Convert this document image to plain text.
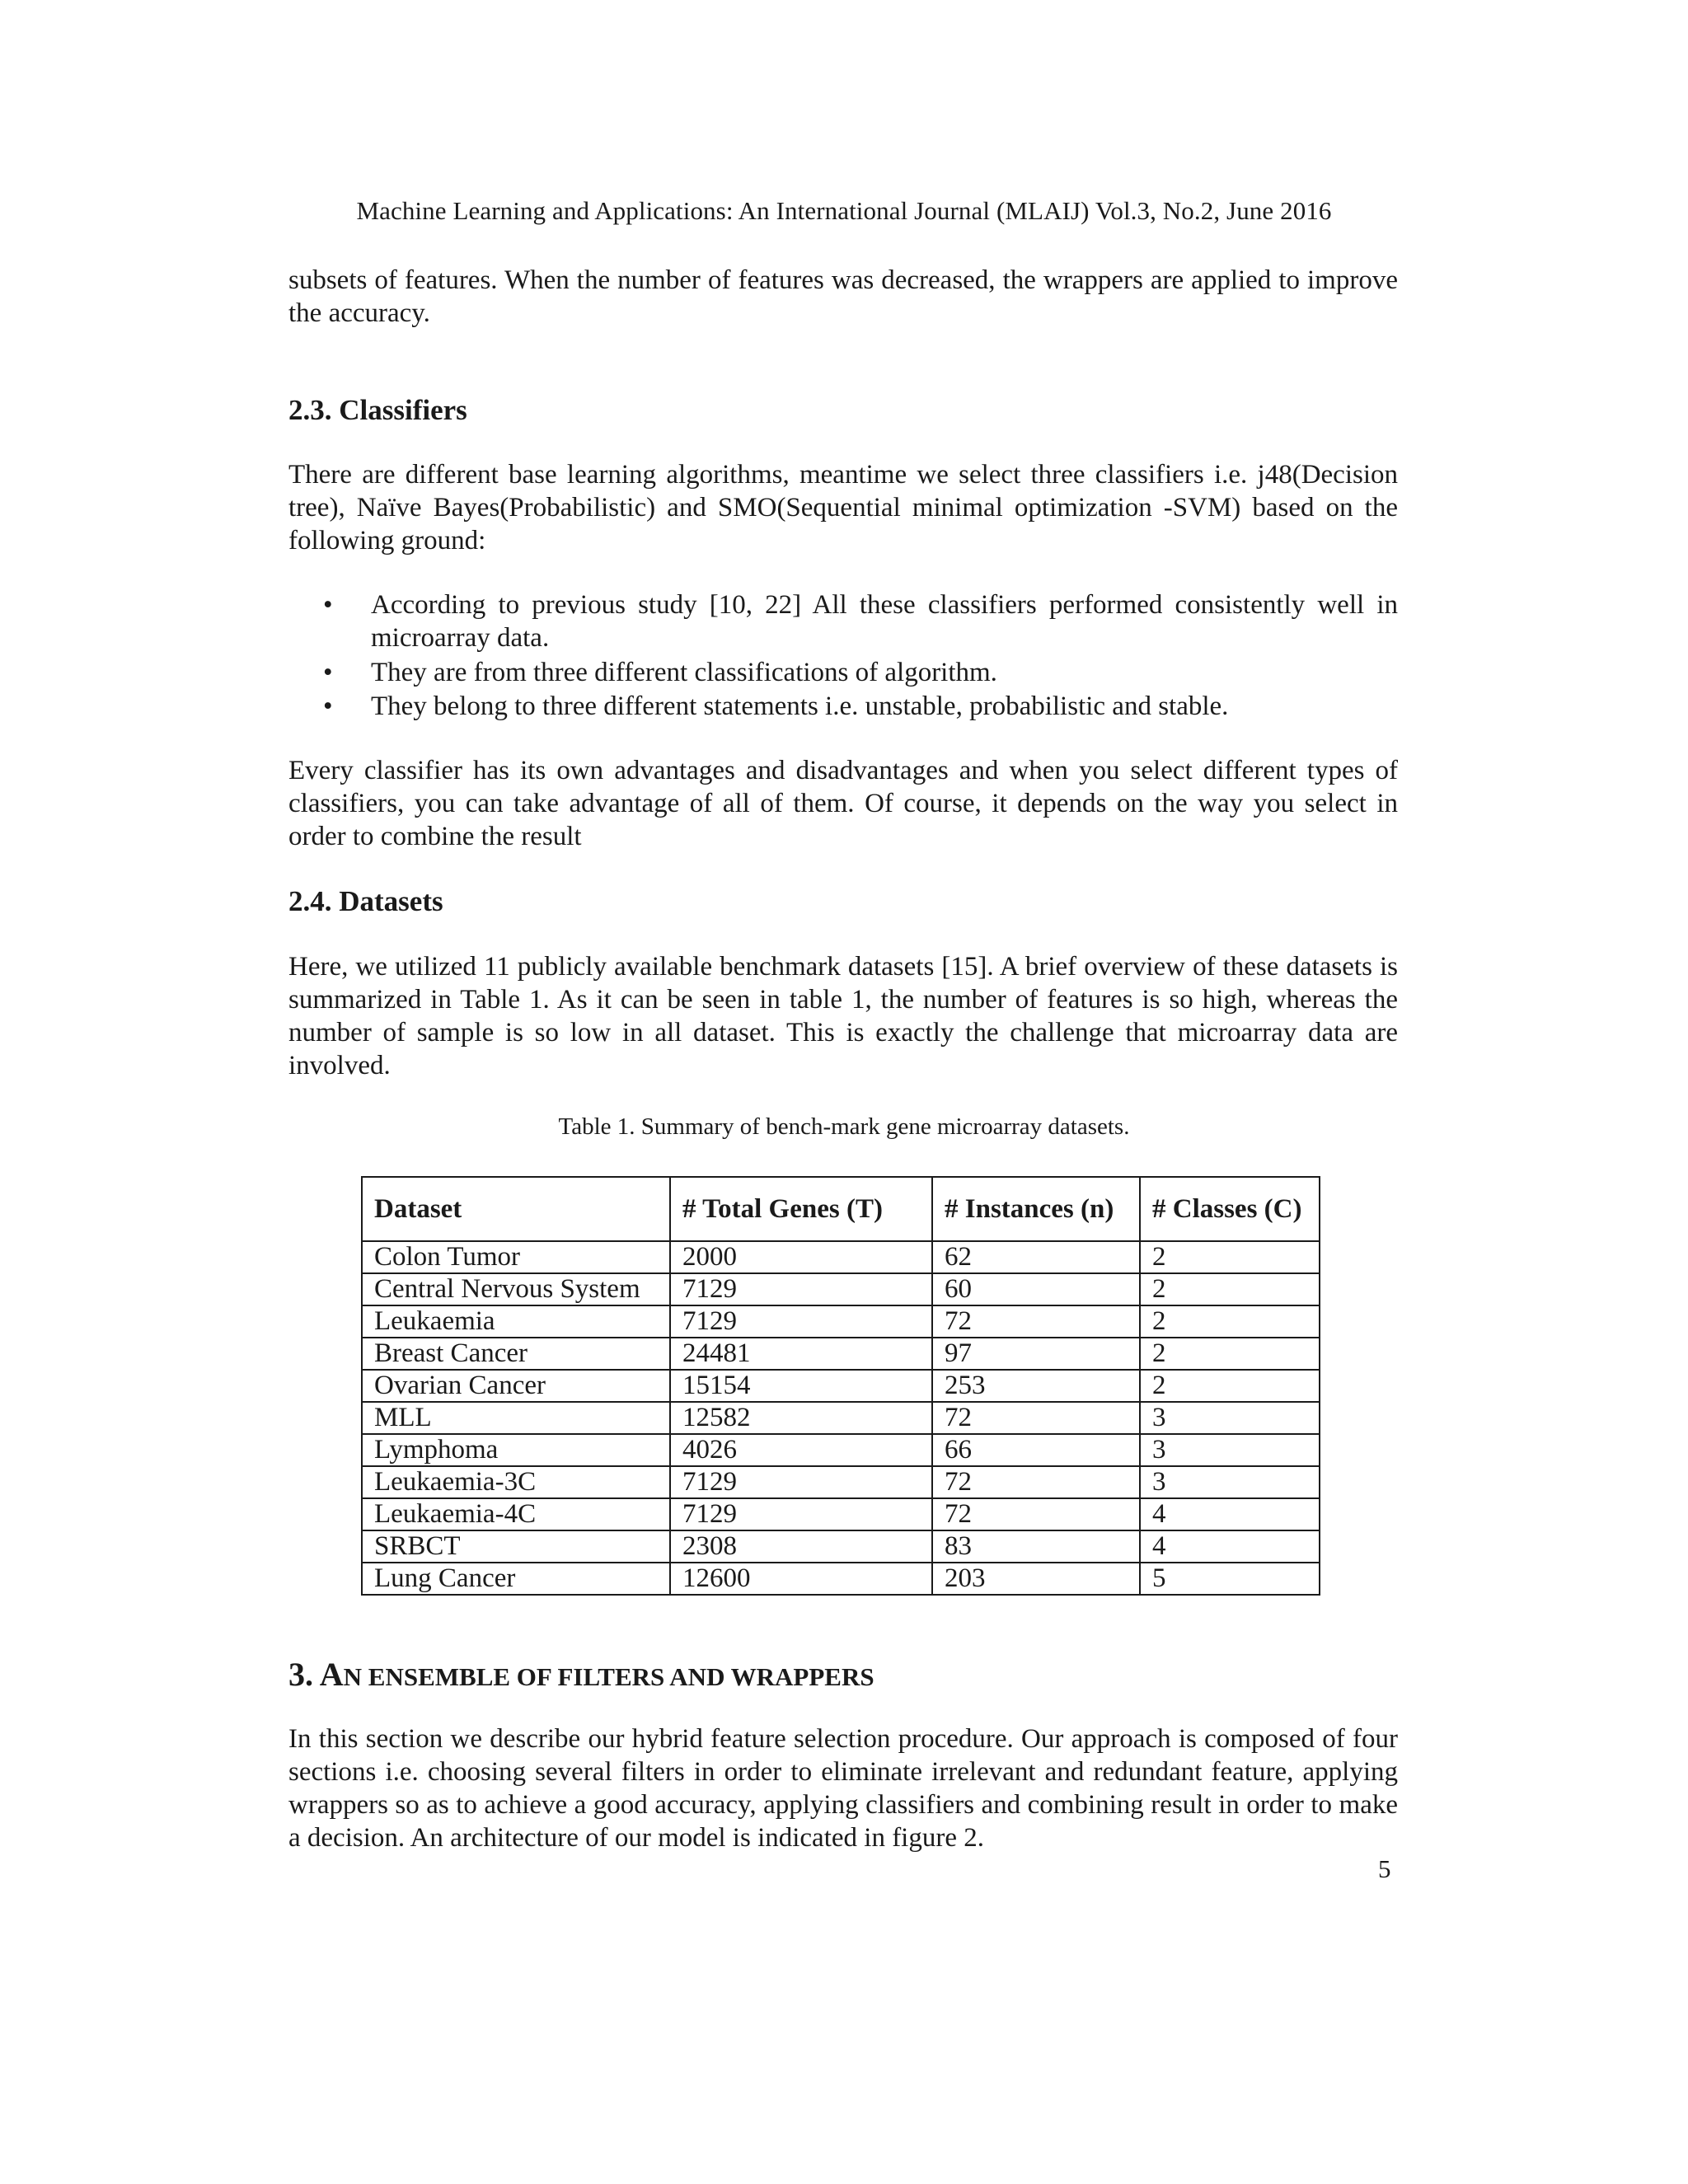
Machine Learning and Applications: An International Journal (MLAIJ) Vol.3, No.2, June 2016

subsets of features. When the number of features was decreased, the wrappers are applied to improve the accuracy.

2.3. Classifiers

There are different base learning algorithms, meantime we select three classifiers i.e. j48(Decision tree), Naïve Bayes(Probabilistic) and SMO(Sequential minimal optimization -SVM) based on the following ground:

• According to previous study [10, 22] All these classifiers performed consistently well in microarray data.
• They are from three different classifications of algorithm.
• They belong to three different statements i.e. unstable, probabilistic and stable.

Every classifier has its own advantages and disadvantages and when you select different types of classifiers, you can take advantage of all of them. Of course, it depends on the way you select in order to combine the result

2.4. Datasets

Here, we utilized 11 publicly available benchmark datasets [15]. A brief overview of these datasets is summarized in Table 1. As it can be seen in table 1, the number of features is so high, whereas the number of sample is so low in all dataset. This is exactly the challenge that microarray data are involved.

Table 1. Summary of bench-mark gene microarray datasets.
Dataset	# Total Genes (T)	# Instances (n)	# Classes (C)
Colon Tumor	2000	62	2
Central Nervous System	7129	60	2
Leukaemia	7129	72	2
Breast Cancer	24481	97	2
Ovarian Cancer	15154	253	2
MLL	12582	72	3
Lymphoma	4026	66	3
Leukaemia-3C	7129	72	3
Leukaemia-4C	7129	72	4
SRBCT	2308	83	4
Lung Cancer	12600	203	5
3. AN ENSEMBLE OF FILTERS AND WRAPPERS

In this section we describe our hybrid feature selection procedure. Our approach is composed of four sections i.e. choosing several filters in order to eliminate irrelevant and redundant feature, applying wrappers so as to achieve a good accuracy, applying classifiers and combining result in order to make a decision. An architecture of our model is indicated in figure 2.

5
